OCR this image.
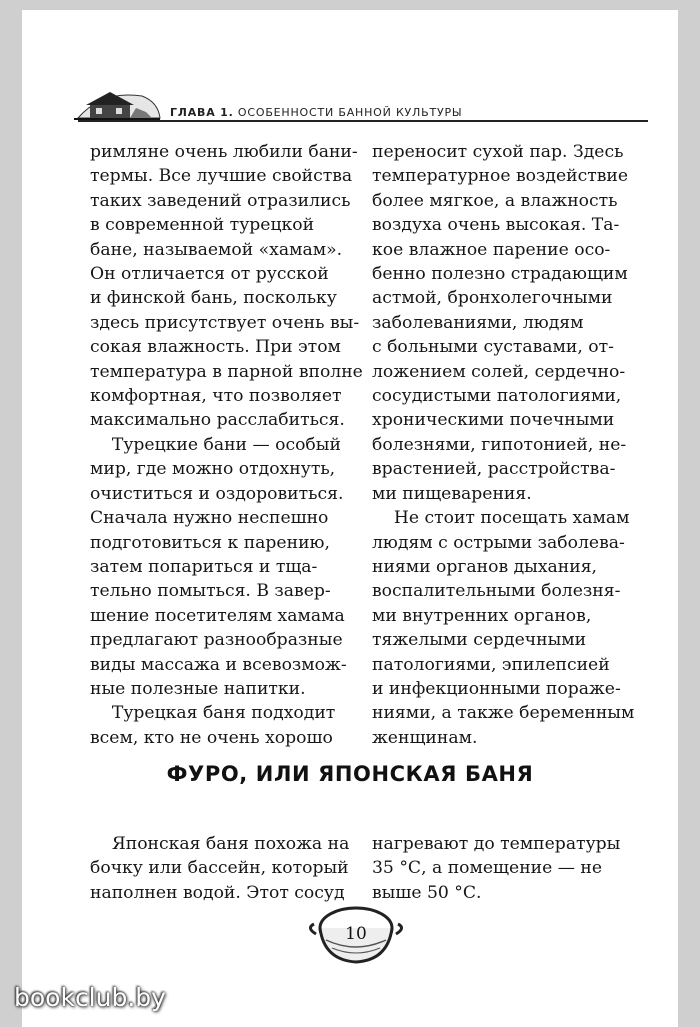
ГЛАВА 1. ОСОБЕННОСТИ БАННОЙ КУЛЬТУРЫ

римляне очень любили бани-

термы. Все лучшие свойства

таких заведений отразились

в современной турецкой

бане, называемой «хамам».

Он отличается от русской

и финской бань, поскольку

здесь присутствует очень вы-

сокая влажность. При этом

температура в парной вполне

комфортная, что позволяет

максимально расслабиться.

Турецкие бани — особый

мир, где можно отдохнуть,

очиститься и оздоровиться.

Сначала нужно неспешно

подготовиться к парению,

затем попариться и тща-

тельно помыться. В завер-

шение посетителям хамама

предлагают разнообразные

виды массажа и всевозмож-

ные полезные напитки.

Турецкая баня подходит

всем, кто не очень хорошо

переносит сухой пар. Здесь

температурное воздействие

более мягкое, а влажность

воздуха очень высокая. Та-

кое влажное парение осо-

бенно полезно страдающим

астмой, бронхолегочными

заболеваниями, людям

с больными суставами, от-

ложением солей, сердечно-

сосудистыми патологиями,

хроническими почечными

болезнями, гипотонией, не-

врастенией, расстройства-

ми пищеварения.

Не стоит посещать хамам

людям с острыми заболева-

ниями органов дыхания,

воспалительными болезня-

ми внутренних органов,

тяжелыми сердечными

патологиями, эпилепсией

и инфекционными пораже-

ниями, а также беременным

женщинам.

ФУРО, ИЛИ ЯПОНСКАЯ БАНЯ

Японская баня похожа на

бочку или бассейн, который

наполнен водой. Этот сосуд

нагревают до температуры

35 °С, а помещение — не

выше 50 °С.

10
bookclub.by
